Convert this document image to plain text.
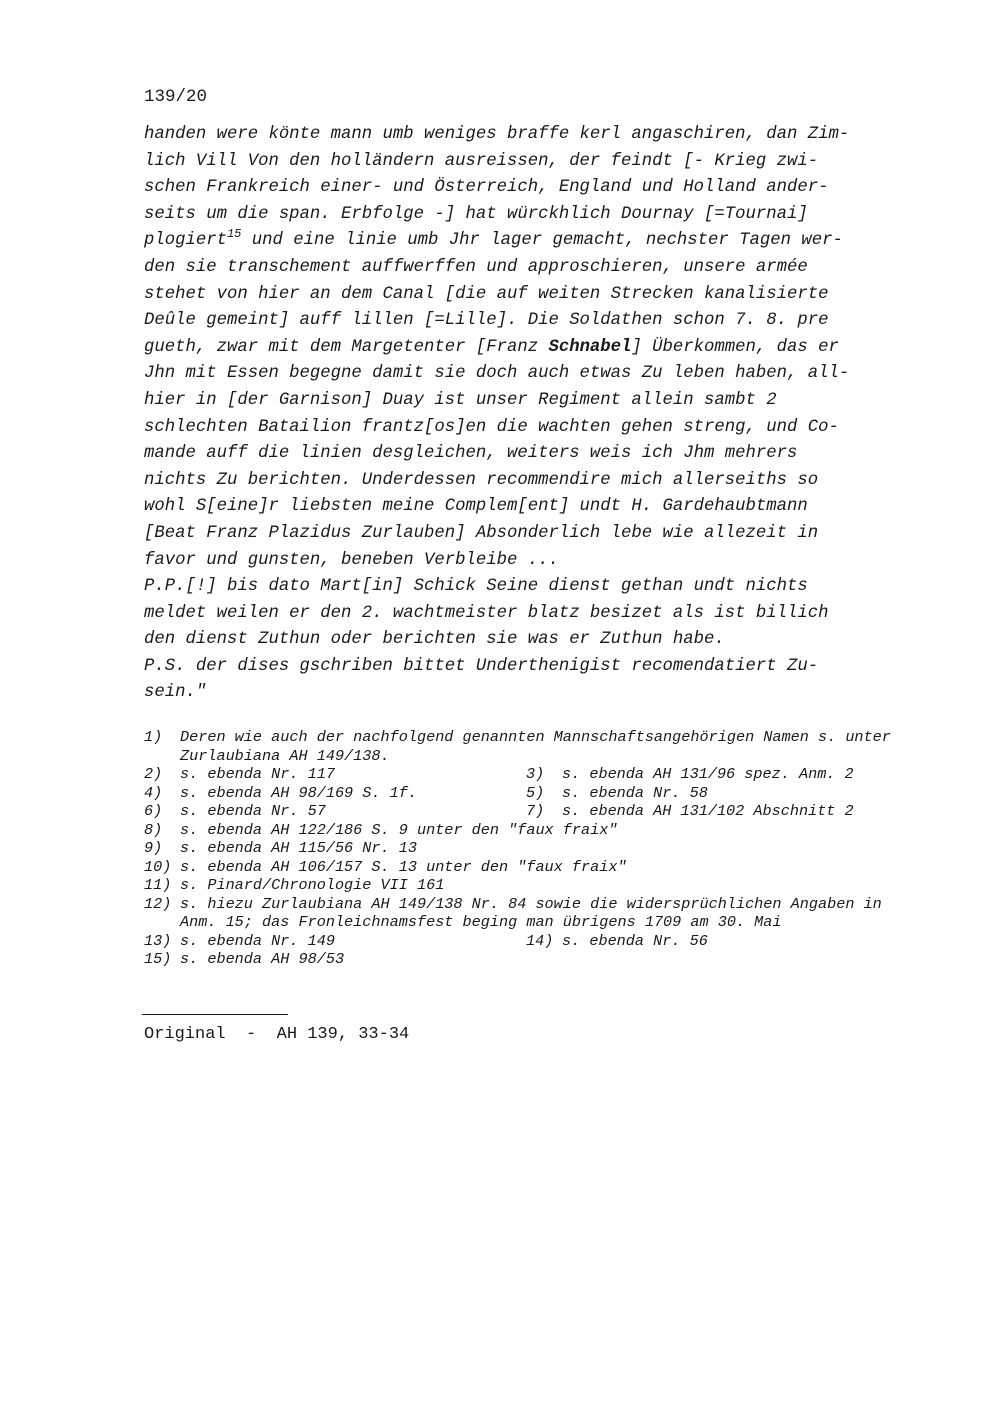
139/20
handen were könte mann umb weniges braffe kerl angaschiren, dan Zim-
lich Vill Von den holländern ausreissen, der feindt [- Krieg zwi-
schen Frankreich einer- und Österreich, England und Holland ander-
seits um die span. Erbfolge -] hat würckhlich Dournay [=Tournai]
plogiert$^{15}$ und eine linie umb Jhr lager gemacht, nechster Tagen wer-
den sie transchement auffwerffen und approschieren, unsere armée
stehet von hier an dem Canal [die auf weiten Strecken kanalisierte
Deûle gemeint] auff lillen [=Lille]. Die Soldathen schon 7. 8. pre
gueth, zwar mit dem Margetenter [Franz Schnabel] Überkommen, das er
Jhn mit Essen begegne damit sie doch auch etwas Zu leben haben, all-
hier in [der Garnison] Duay ist unser Regiment allein sambt 2
schlechten Batailion frantz[os]en die wachten gehen streng, und Co-
mande auff die linien desgleichen, weiters weis ich Jhm mehrers
nichts Zu berichten. Underdessen recommendire mich allerseiths so
wohl S[eine]r liebsten meine Complem[ent] undt H. Gardehaubtmann
[Beat Franz Plazidus Zurlauben] Absonderlich lebe wie allezeit in
favor und gunsten, beneben Verbleibe ...
P.P.[!] bis dato Mart[in] Schick Seine dienst gethan undt nichts
meldet weilen er den 2. wachtmeister blatz besizet als ist billich
den dienst Zuthun oder berichten sie was er Zuthun habe.
P.S. der dises gschriben bittet Underthenigist recomendatiert Zu-
sein."
1)	Deren wie auch der nachfolgend genannten Mannschaftsangehörigen Namen s. unter Zurlaubiana AH 149/138.
2)	s. ebenda Nr. 117	3)	s. ebenda AH 131/96 spez. Anm. 2
4)	s. ebenda AH 98/169 S. 1f.	5)	s. ebenda Nr. 58
6)	s. ebenda Nr. 57	7)	s. ebenda AH 131/102 Abschnitt 2
8)	s. ebenda AH 122/186 S. 9 unter den "faux fraix"
9)	s. ebenda AH 115/56 Nr. 13
10) s. ebenda AH 106/157 S. 13 unter den "faux fraix"
11) s. Pinard/Chronologie VII 161
12) s. hiezu Zurlaubiana AH 149/138 Nr. 84 sowie die widersprüchlichen Angaben in Anm. 15; das Fronleichnamsfest beging man übrigens 1709 am 30. Mai
13) s. ebenda Nr. 149	14) s. ebenda Nr. 56
15) s. ebenda AH 98/53
Original  -  AH 139, 33-34
